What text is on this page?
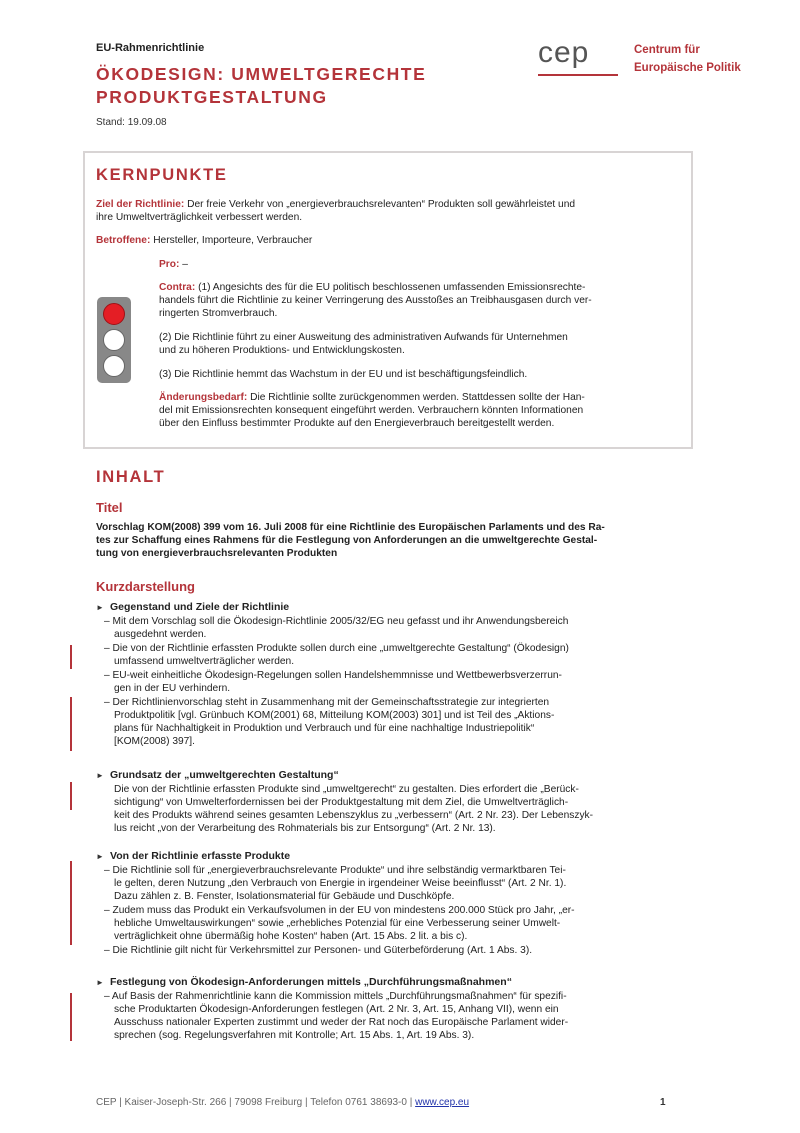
EU-Rahmenrichtlinie
ÖKODESIGN: UMWELTGERECHTE
PRODUKTGESTALTUNG
Stand: 19.09.08
cep	Centrum für
Europäische Politik
KERNPUNKTE
Ziel der Richtlinie: Der freie Verkehr von „energieverbrauchsrelevanten“ Produkten soll gewährleistet und
ihre Umweltverträglichkeit verbessert werden.
Betroffene: Hersteller, Importeure, Verbraucher
Pro: –
Contra: (1) Angesichts des für die EU politisch beschlossenen umfassenden Emissionsrechte-
handels führt die Richtlinie zu keiner Verringerung des Ausstoßes an Treibhausgasen durch ver-
ringerten Stromverbrauch.
(2) Die Richtlinie führt zu einer Ausweitung des administrativen Aufwands für Unternehmen
und zu höheren Produktions- und Entwicklungskosten.
(3) Die Richtlinie hemmt das Wachstum in der EU und ist beschäftigungsfeindlich.
Änderungsbedarf: Die Richtlinie sollte zurückgenommen werden. Stattdessen sollte der Han-
del mit Emissionsrechten konsequent eingeführt werden. Verbrauchern könnten Informationen
über den Einfluss bestimmter Produkte auf den Energieverbrauch bereitgestellt werden.
INHALT
Titel
Vorschlag KOM(2008) 399 vom 16. Juli 2008 für eine Richtlinie des Europäischen Parlaments und des Ra-
tes zur Schaffung eines Rahmens für die Festlegung von Anforderungen an die umweltgerechte Gestal-
tung von energieverbrauchsrelevanten Produkten
Kurzdarstellung
► Gegenstand und Ziele der Richtlinie
– Mit dem Vorschlag soll die Ökodesign-Richtlinie 2005/32/EG neu gefasst und ihr Anwendungsbereich
ausgedehnt werden.
– Die von der Richtlinie erfassten Produkte sollen durch eine „umweltgerechte Gestaltung“ (Ökodesign)
umfassend umweltverträglicher werden.
– EU-weit einheitliche Ökodesign-Regelungen sollen Handelshemmnisse und Wettbewerbsverzerrun-
gen in der EU verhindern.
– Der Richtlinienvorschlag steht in Zusammenhang mit der Gemeinschaftsstrategie zur integrierten
Produktpolitik [vgl. Grünbuch KOM(2001) 68, Mitteilung KOM(2003) 301] und ist Teil des „Aktions-
plans für Nachhaltigkeit in Produktion und Verbrauch und für eine nachhaltige Industriepolitik“
[KOM(2008) 397].
► Grundsatz der „umweltgerechten Gestaltung“
Die von der Richtlinie erfassten Produkte sind „umweltgerecht“ zu gestalten. Dies erfordert die „Berück-
sichtigung“ von Umwelterfordernissen bei der Produktgestaltung mit dem Ziel, die Umweltverträglich-
keit des Produkts während seines gesamten Lebenszyklus zu „verbessern“ (Art. 2 Nr. 23). Der Lebenszyk-
lus reicht „von der Verarbeitung des Rohmaterials bis zur Entsorgung“ (Art. 2 Nr. 13).
► Von der Richtlinie erfasste Produkte
– Die Richtlinie soll für „energieverbrauchsrelevante Produkte“ und ihre selbständig vermarktbaren Tei-
le gelten, deren Nutzung „den Verbrauch von Energie in irgendeiner Weise beeinflusst“ (Art. 2 Nr. 1).
Dazu zählen z. B. Fenster, Isolationsmaterial für Gebäude und Duschköpfe.
– Zudem muss das Produkt ein Verkaufsvolumen in der EU von mindestens 200.000 Stück pro Jahr, „er-
hebliche Umweltauswirkungen“ sowie „erhebliches Potenzial für eine Verbesserung seiner Umwelt-
verträglichkeit ohne übermäßig hohe Kosten“ haben (Art. 15 Abs. 2 lit. a bis c).
– Die Richtlinie gilt nicht für Verkehrsmittel zur Personen- und Güterbeförderung (Art. 1 Abs. 3).
► Festlegung von Ökodesign-Anforderungen mittels „Durchführungsmaßnahmen“
– Auf Basis der Rahmenrichtlinie kann die Kommission mittels „Durchführungsmaßnahmen“ für spezifi-
sche Produktarten Ökodesign-Anforderungen festlegen (Art. 2 Nr. 3, Art. 15, Anhang VII), wenn ein
Ausschuss nationaler Experten zustimmt und weder der Rat noch das Europäische Parlament wider-
sprechen (sog. Regelungsverfahren mit Kontrolle; Art. 15 Abs. 1, Art. 19 Abs. 3).
CEP | Kaiser-Joseph-Str. 266 | 79098 Freiburg | Telefon 0761 38693-0 | www.cep.eu	1
